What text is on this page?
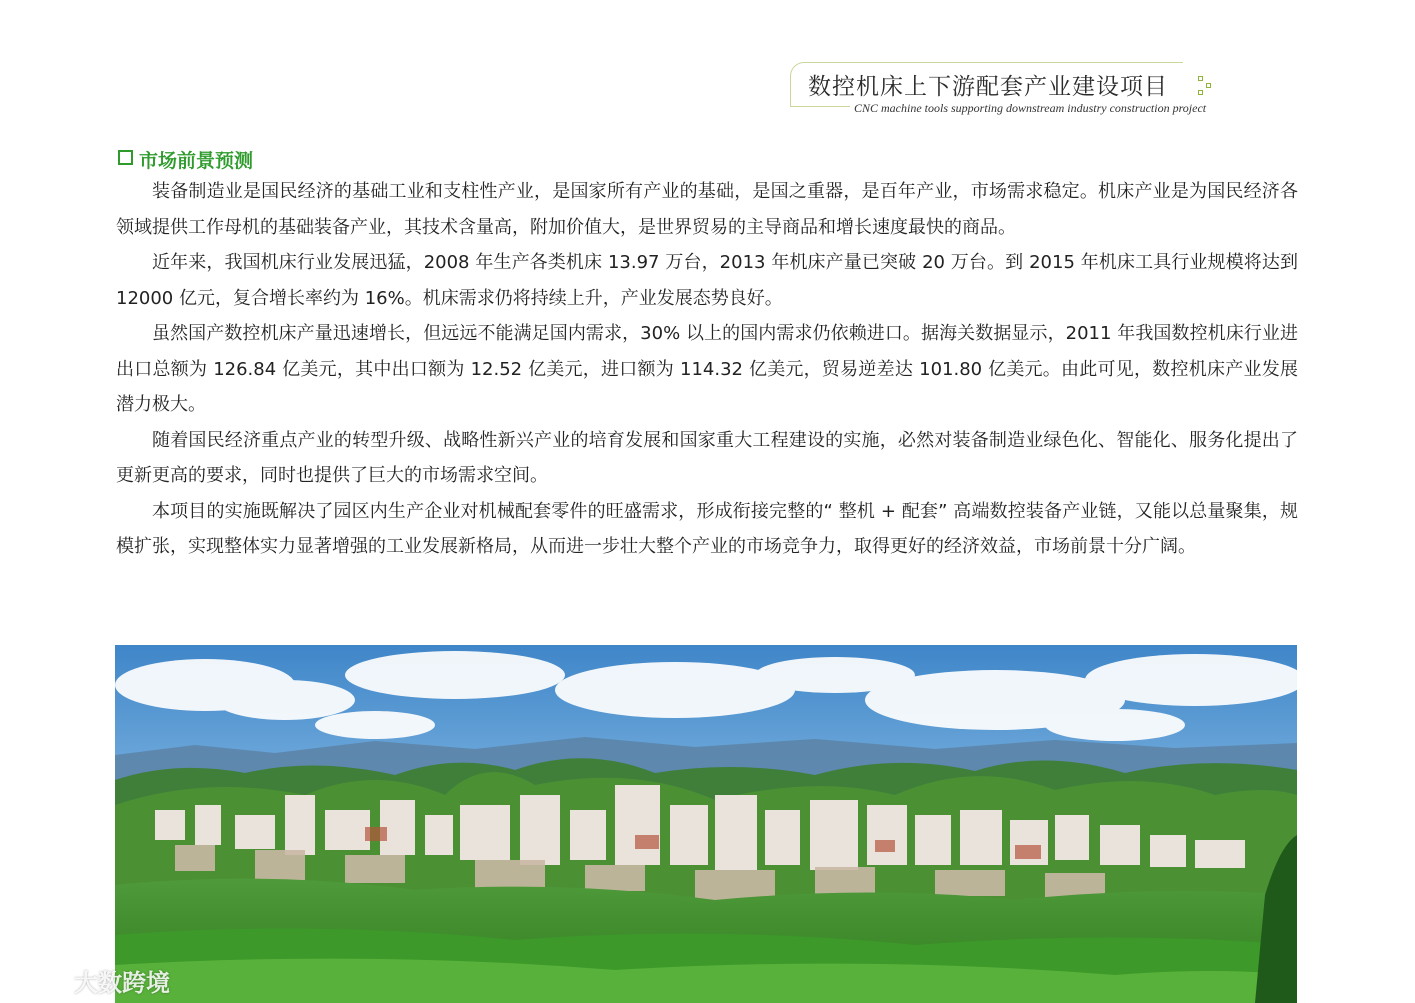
数控机床上下游配套产业建设项目
CNC machine tools supporting downstream industry construction project
市场前景预测

装备制造业是国民经济的基础工业和支柱性产业，是国家所有产业的基础，是国之重器，是百年产业，市场需求稳定。机床产业是为国民经济各领域提供工作母机的基础装备产业，其技术含量高，附加价值大，是世界贸易的主导商品和增长速度最快的商品。

近年来，我国机床行业发展迅猛，2008 年生产各类机床 13.97 万台，2013 年机床产量已突破 20 万台。到 2015 年机床工具行业规模将达到 12000 亿元，复合增长率约为 16%。机床需求仍将持续上升，产业发展态势良好。

虽然国产数控机床产量迅速增长，但远远不能满足国内需求，30% 以上的国内需求仍依赖进口。据海关数据显示，2011 年我国数控机床行业进出口总额为 126.84 亿美元，其中出口额为 12.52 亿美元，进口额为 114.32 亿美元，贸易逆差达 101.80 亿美元。由此可见，数控机床产业发展潜力极大。

随着国民经济重点产业的转型升级、战略性新兴产业的培育发展和国家重大工程建设的实施，必然对装备制造业绿色化、智能化、服务化提出了更新更高的要求，同时也提供了巨大的市场需求空间。

本项目的实施既解决了园区内生产企业对机械配套零件的旺盛需求，形成衔接完整的“ 整机 + 配套” 高端数控装备产业链，又能以总量聚集，规模扩张，实现整体实力显著增强的工业发展新格局，从而进一步壮大整个产业的市场竞争力，取得更好的经济效益，市场前景十分广阔。

大数跨境
